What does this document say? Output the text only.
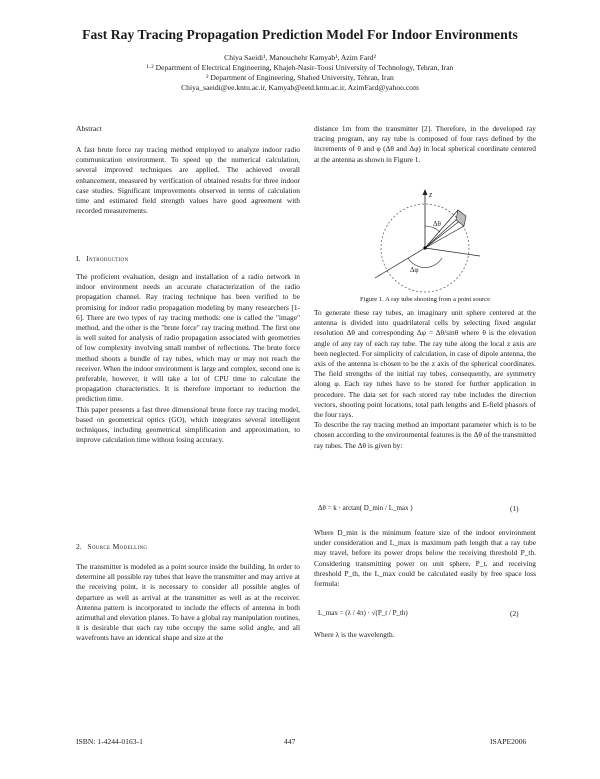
Fast Ray Tracing Propagation Prediction Model For Indoor Environments
Chiya Saeidi¹, Manouchehr Kamyab¹, Azim Fard²
¹·² Department of Electrical Engineering, Khajeh-Nasir-Toosi University of Technology, Tehran, Iran
² Department of Engineering, Shahed University, Tehran, Iran
Chiya_saeidi@ee.kntu.ac.ir, Kamyab@eetd.kntu.ac.ir, AzimFard@yahoo.com
Abstract

A fast brute force ray tracing method employed to analyze indoor radio communication environment. To speed up the numerical calculation, several improved techniques are applied. The achieved overall enhancement, measured by verification of obtained results for three indoor case studies. Significant improvements observed in terms of calculation time and estimated field strength values have good agreement with recorded measurements.

I. Introduction

The proficient evaluation, design and installation of a radio network in indoor environment needs an accurate characterization of the radio propagation channel. Ray tracing technique has been verified to be promising for indoor radio propagation modeling by many researchers [1-6]. There are two types of ray tracing methods: one is called the "image" method, and the other is the "brute force" ray tracing method. The first one is well suited for analysis of radio propagation associated with geometries of low complexity involving small number of reflections. The brute force method shoots a bundle of ray tubes, which may or may not reach the receiver. When the indoor environment is large and complex, second one is preferable, however, it will take a lot of CPU time to calculate the propagation characteristics. It is therefore important to reduction the prediction time.

This paper presents a fast three dimensional brute force ray tracing model, based on geometrical optics (GO), which integrates several intelligent techniques, including geometrical simplification and approximation, to improve calculation time without losing accuracy.

2. Source Modelling

The transmitter is modeled as a point source inside the building. In order to determine all possible ray tubes that leave the transmitter and may arrive at the receiving point, it is necessary to consider all possible angles of departure as well as arrival at the transmitter as well as at the receiver. Antenna pattern is incorporated to include the effects of antenna in both azimuthal and elevation planes. To have a global ray manipulation routines, it is desirable that each ray tube occupy the same solid angle, and all wavefronts have an identical shape and size at the

distance 1m from the transmitter [2]. Therefore, in the developed ray tracing program, any ray tube is composed of four rays defined by the increments of θ and φ (Δθ and Δφ) in local spherical coordinate centered at the antenna as shown in Figure 1.

z
Δθ
Δφ
Figure 1. A ray tube shooting from a point source

To generate these ray tubes, an imaginary unit sphere centered at the antenna is divided into quadrilateral cells by selecting fixed angular resolution Δθ and corresponding Δφ = Δθ/sinθ where θ is the elevation angle of any ray of each ray tube. The ray tube along the local z axis are been neglected. For simplicity of calculation, in case of dipole antenna, the axis of the antenna is chosen to be the z axis of the spherical coordinates. The field strengths of the initial ray tubes, consequently, are symmetry along φ. Each ray tubes have to be stored for further application in procedure. The data set for each stored ray tube includes the direction vectors, shooting point locations, total path lengths and E-field phasors of the four rays.

To describe the ray tracing method an important parameter which is to be chosen according to the environmental features is the Δθ of the transmitted ray tubes. The Δθ is given by:

Δθ = k · arctan( D_min / L_max )	(1)

Where D_min is the minimum feature size of the indoor environment under consideration and L_max is maximum path length that a ray tube may travel, before its power drops below the receiving threshold P_th. Considering transmitting power on unit sphere, P_t, and receiving threshold P_th, the L_max could be calculated easily by free space loss formula:

L_max = (λ / 4π) · √(P_t / P_th)	(2)

Where λ is the wavelength.

ISBN: 1-4244-0163-1	447	ISAPE2006
